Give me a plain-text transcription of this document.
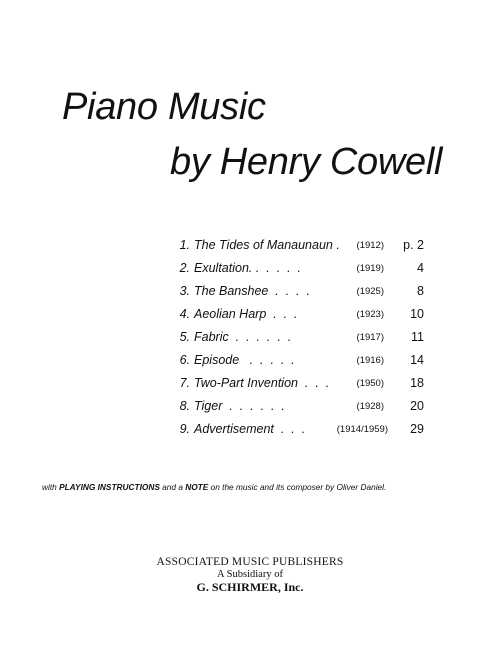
Piano Music
by Henry Cowell
1. The Tides of Manaunaun . (1912)	p. 2
2. Exultation. .  .  .  .  .	(1919)	4
3. The Banshee  .  .  .  .	(1925)	8
4. Aeolian Harp  .  .  .	(1923)	10
5. Fabric  .  .  .  .  .  .	(1917)	11
6. Episode   .  .  .  .  .	(1916)	14
7. Two-Part Invention  .  .  .	(1950)	18
8. Tiger  .  .  .  .  .  .	(1928)	20
9. Advertisement  .  .  .	(1914/1959)	29
with PLAYING INSTRUCTIONS and a NOTE on the music and its composer by Oliver Daniel.
ASSOCIATED MUSIC PUBLISHERS
A Subsidiary of
G. SCHIRMER, Inc.
